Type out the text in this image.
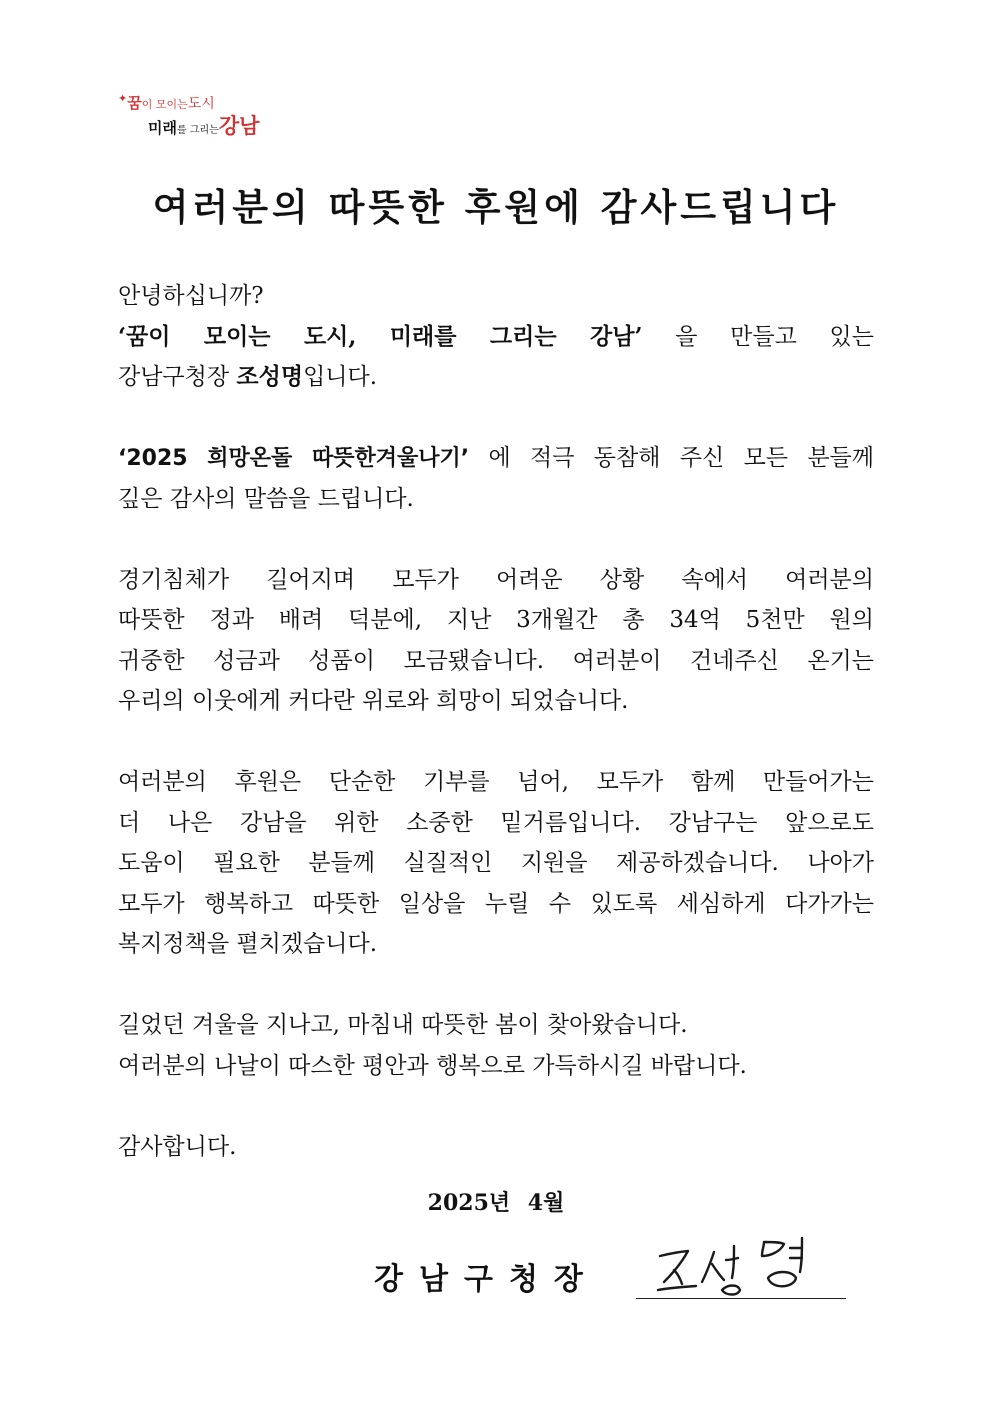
✦꿈이 모이는도시
미래를 그리는강남
여러분의 따뜻한 후원에 감사드립니다
안녕하십니까?
‘꿈이 모이는 도시, 미래를 그리는 강남’ 을 만들고 있는
강남구청장 조성명입니다.
‘2025 희망온돌 따뜻한겨울나기’ 에 적극 동참해 주신 모든 분들께
깊은 감사의 말씀을 드립니다.
경기침체가 길어지며 모두가 어려운 상황 속에서 여러분의
따뜻한 정과 배려 덕분에, 지난 3개월간 총 34억 5천만 원의
귀중한 성금과 성품이 모금됐습니다. 여러분이 건네주신 온기는
우리의 이웃에게 커다란 위로와 희망이 되었습니다.
여러분의 후원은 단순한 기부를 넘어, 모두가 함께 만들어가는
더 나은 강남을 위한 소중한 밑거름입니다. 강남구는 앞으로도
도움이 필요한 분들께 실질적인 지원을 제공하겠습니다. 나아가
모두가 행복하고 따뜻한 일상을 누릴 수 있도록 세심하게 다가가는
복지정책을 펼치겠습니다.
길었던 겨울을 지나고, 마침내 따뜻한 봄이 찾아왔습니다.
여러분의 나날이 따스한 평안과 행복으로 가득하시길 바랍니다.
감사합니다.
2025년 4월
강남구청장
